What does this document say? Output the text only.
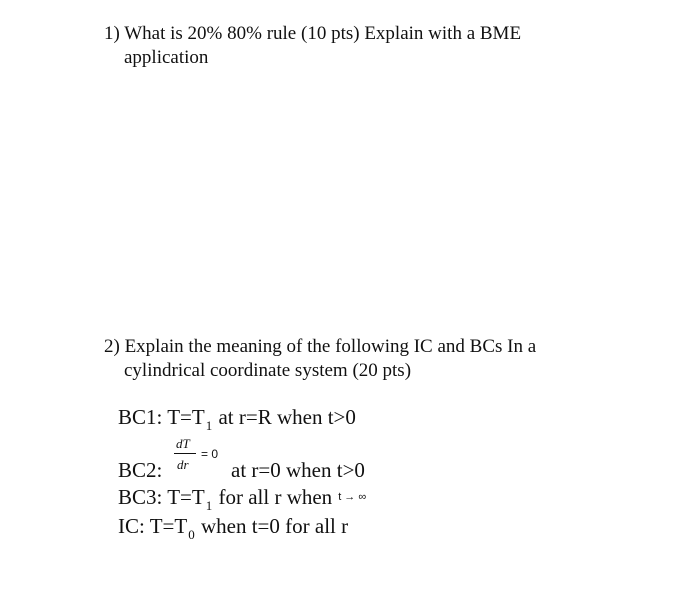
1) What is 20% 80% rule (10 pts) Explain with a BME
application
2) Explain the meaning of the following IC and BCs In a
cylindrical coordinate system (20 pts)
BC1: $T=T_1$ at r=R when t>0
dT
dr
= 0
BC2:	at r=0 when t>0
BC3: $T=T_1$ for all r when t → ∞
IC: $T=T_0$ when t=0 for all r
